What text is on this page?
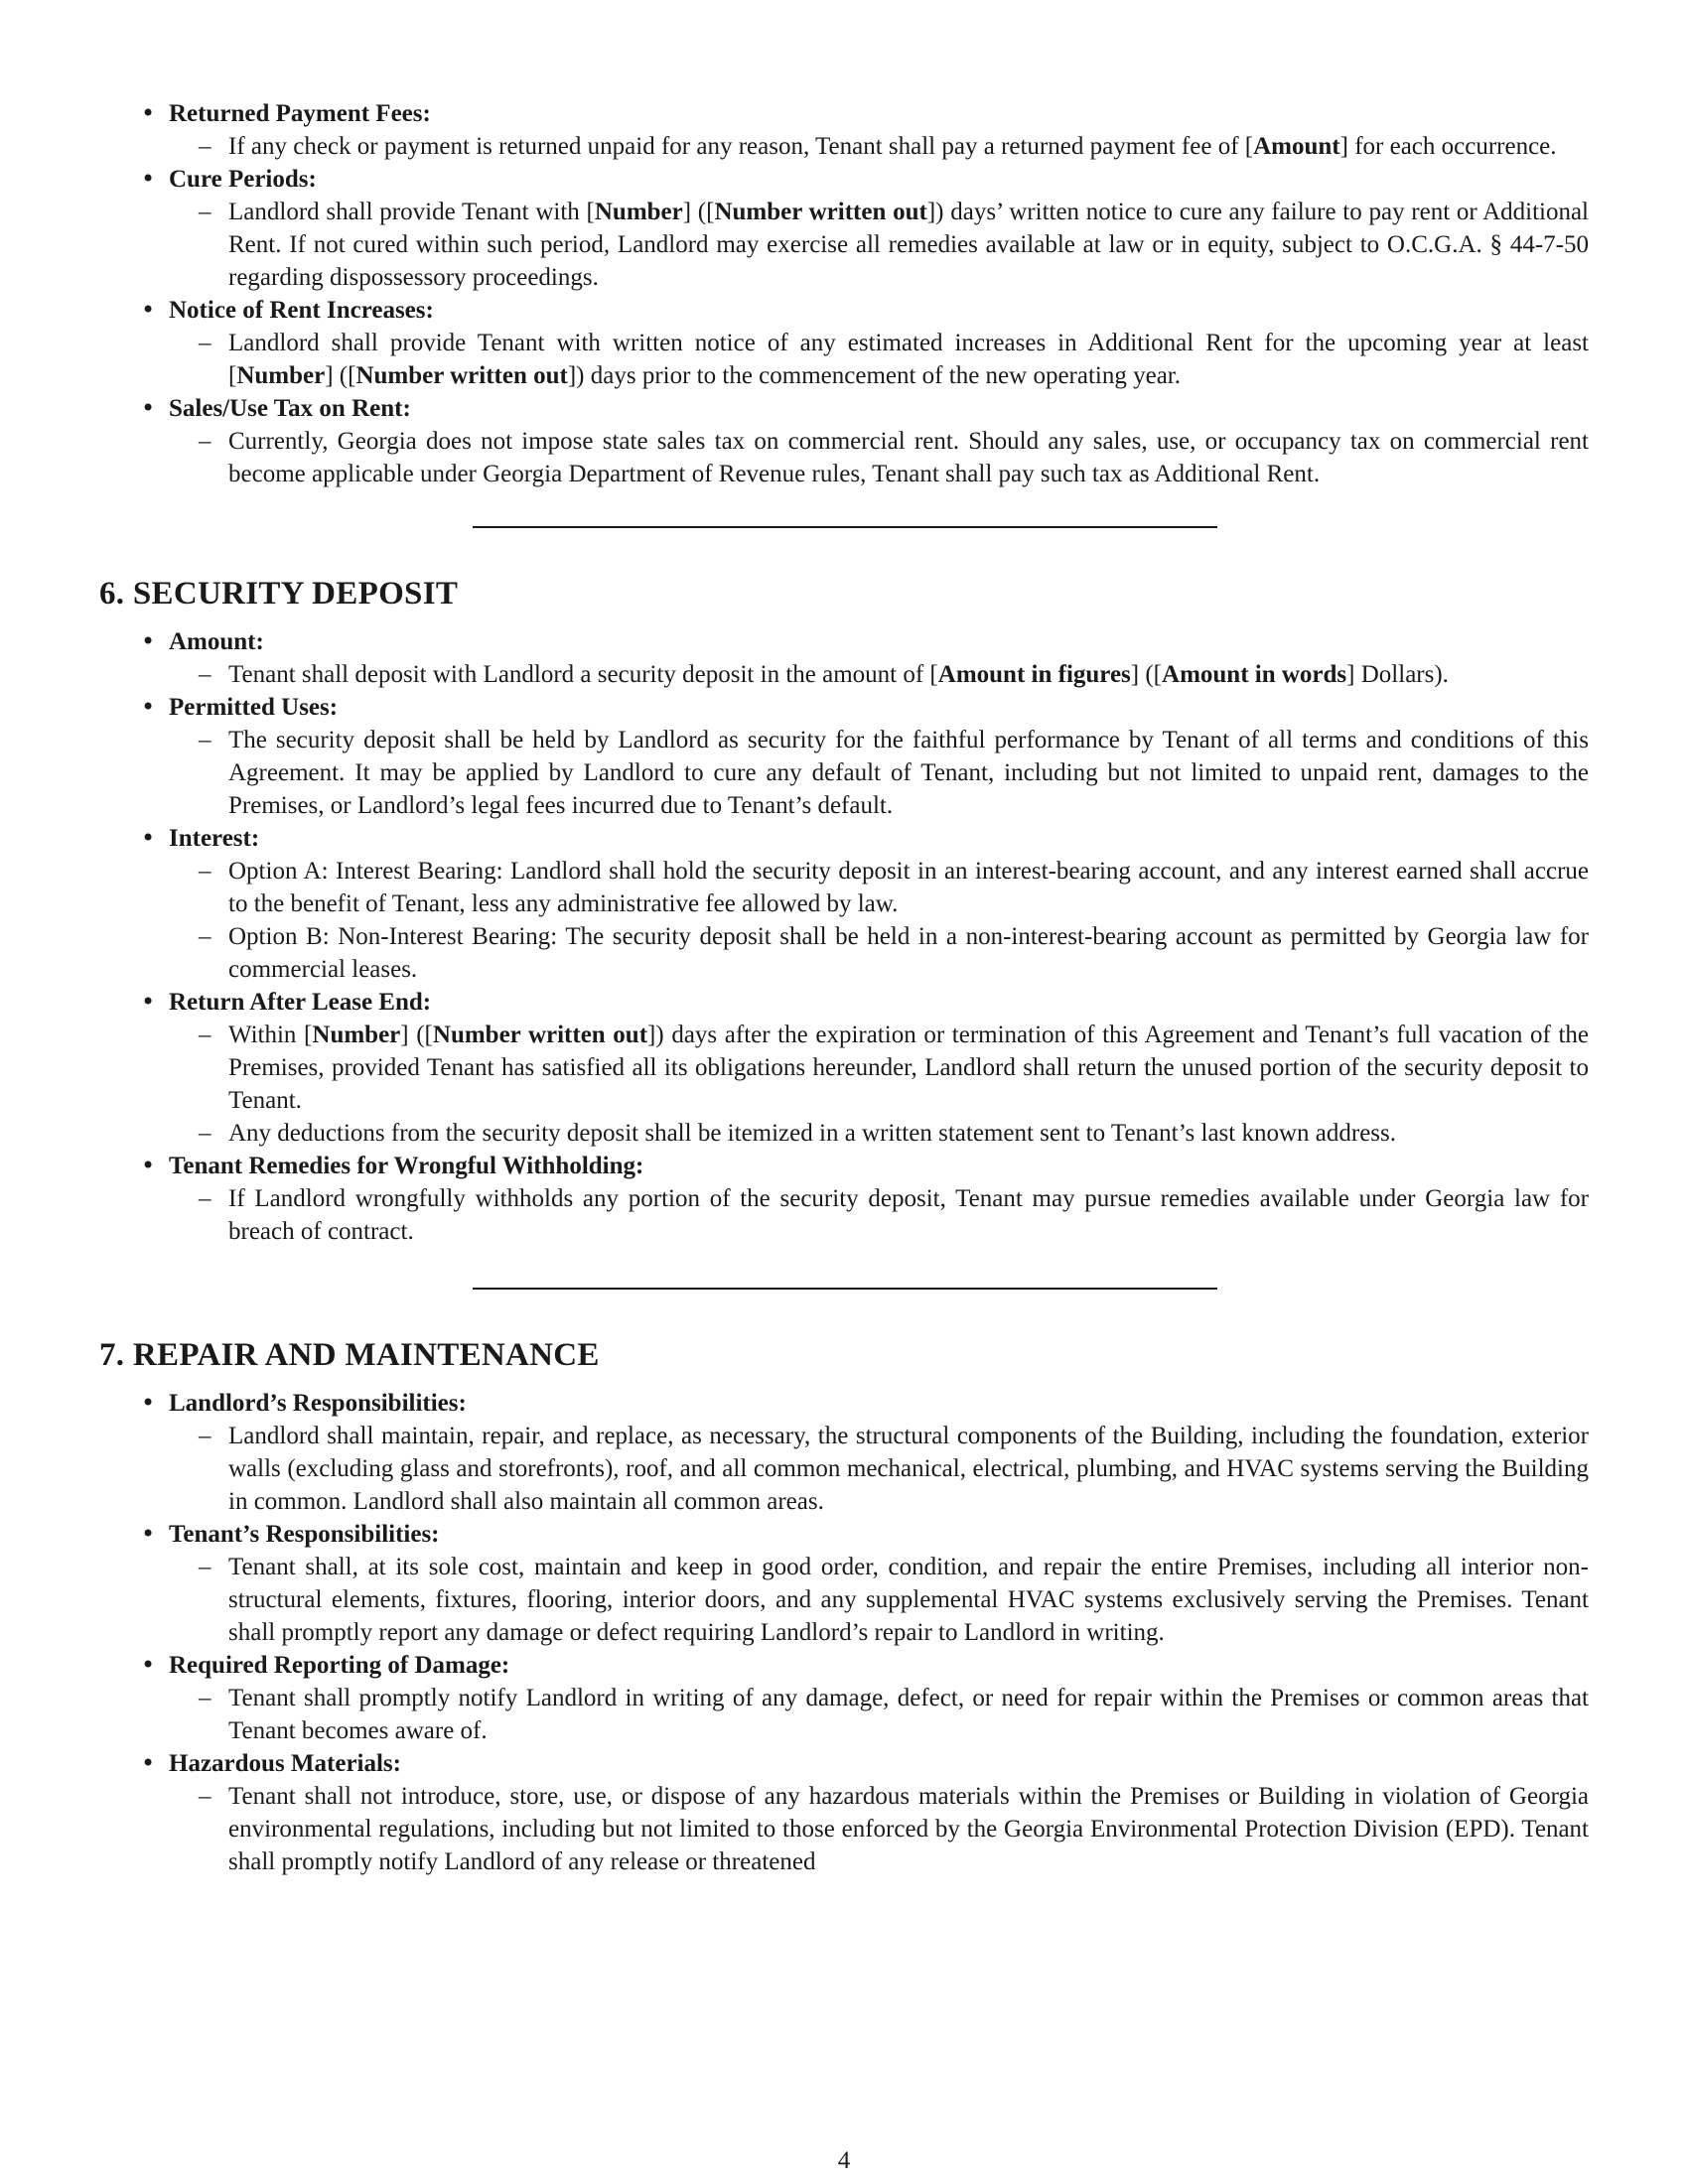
• Returned Payment Fees:
– If any check or payment is returned unpaid for any reason, Tenant shall pay a returned payment fee of [Amount] for each occurrence.
• Cure Periods:
– Landlord shall provide Tenant with [Number] ([Number written out]) days’ written notice to cure any failure to pay rent or Additional Rent. If not cured within such period, Landlord may exercise all remedies available at law or in equity, subject to O.C.G.A. § 44-7-50 regarding dispossessory proceedings.
• Notice of Rent Increases:
– Landlord shall provide Tenant with written notice of any estimated increases in Additional Rent for the upcoming year at least [Number] ([Number written out]) days prior to the commencement of the new operating year.
• Sales/Use Tax on Rent:
– Currently, Georgia does not impose state sales tax on commercial rent. Should any sales, use, or occupancy tax on commercial rent become applicable under Georgia Department of Revenue rules, Tenant shall pay such tax as Additional Rent.
6. SECURITY DEPOSIT
• Amount:
– Tenant shall deposit with Landlord a security deposit in the amount of [Amount in figures] ([Amount in words] Dollars).
• Permitted Uses:
– The security deposit shall be held by Landlord as security for the faithful performance by Tenant of all terms and conditions of this Agreement. It may be applied by Landlord to cure any default of Tenant, including but not limited to unpaid rent, damages to the Premises, or Landlord’s legal fees incurred due to Tenant’s default.
• Interest:
– Option A: Interest Bearing: Landlord shall hold the security deposit in an interest-bearing account, and any interest earned shall accrue to the benefit of Tenant, less any administrative fee allowed by law.
– Option B: Non-Interest Bearing: The security deposit shall be held in a non-interest-bearing account as permitted by Georgia law for commercial leases.
• Return After Lease End:
– Within [Number] ([Number written out]) days after the expiration or termination of this Agreement and Tenant’s full vacation of the Premises, provided Tenant has satisfied all its obligations hereunder, Landlord shall return the unused portion of the security deposit to Tenant.
– Any deductions from the security deposit shall be itemized in a written statement sent to Tenant’s last known address.
• Tenant Remedies for Wrongful Withholding:
– If Landlord wrongfully withholds any portion of the security deposit, Tenant may pursue remedies available under Georgia law for breach of contract.
7. REPAIR AND MAINTENANCE
• Landlord’s Responsibilities:
– Landlord shall maintain, repair, and replace, as necessary, the structural components of the Building, including the foundation, exterior walls (excluding glass and storefronts), roof, and all common mechanical, electrical, plumbing, and HVAC systems serving the Building in common. Landlord shall also maintain all common areas.
• Tenant’s Responsibilities:
– Tenant shall, at its sole cost, maintain and keep in good order, condition, and repair the entire Premises, including all interior non-structural elements, fixtures, flooring, interior doors, and any supplemental HVAC systems exclusively serving the Premises. Tenant shall promptly report any damage or defect requiring Landlord’s repair to Landlord in writing.
• Required Reporting of Damage:
– Tenant shall promptly notify Landlord in writing of any damage, defect, or need for repair within the Premises or common areas that Tenant becomes aware of.
• Hazardous Materials:
– Tenant shall not introduce, store, use, or dispose of any hazardous materials within the Premises or Building in violation of Georgia environmental regulations, including but not limited to those enforced by the Georgia Environmental Protection Division (EPD). Tenant shall promptly notify Landlord of any release or threatened
4
